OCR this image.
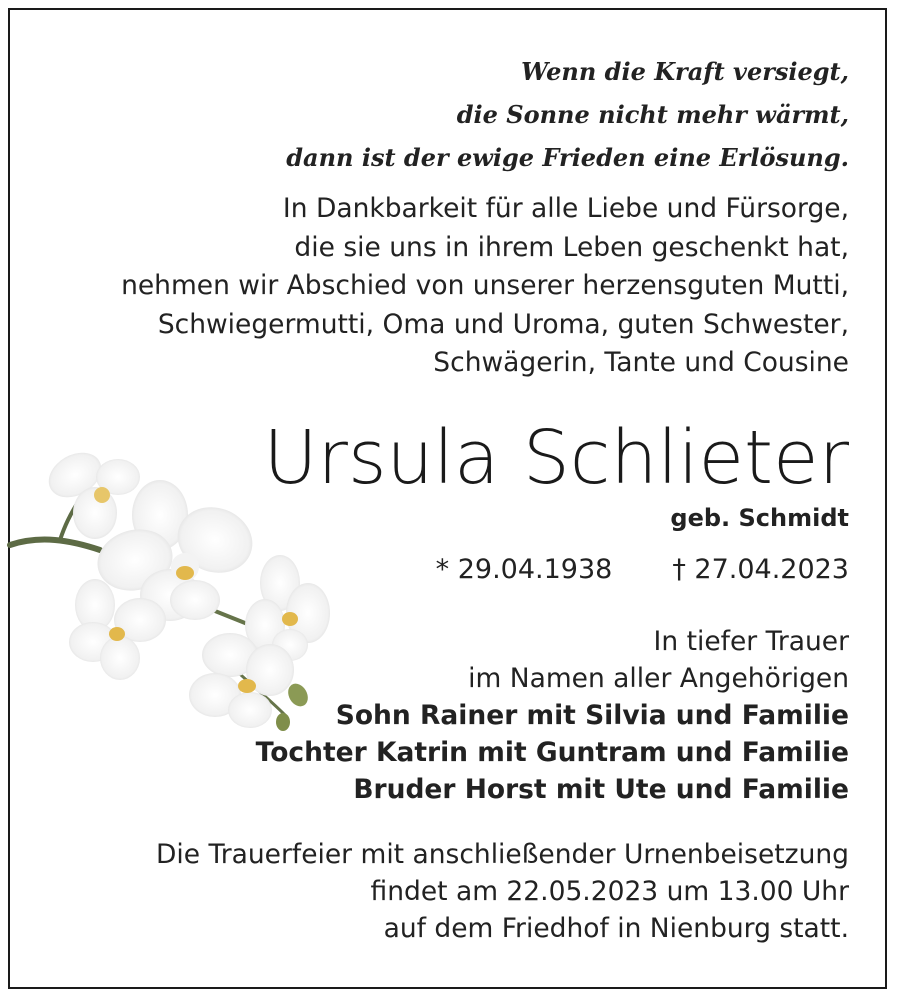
Wenn die Kraft versiegt,
die Sonne nicht mehr wärmt,
dann ist der ewige Frieden eine Erlösung.
In Dankbarkeit für alle Liebe und Fürsorge,
die sie uns in ihrem Leben geschenkt hat,
nehmen wir Abschied von unserer herzensguten Mutti,
Schwiegermutti, Oma und Uroma, guten Schwester,
Schwägerin, Tante und Cousine
Ursula Schlieter
geb. Schmidt
* 29.04.1938 † 27.04.2023
In tiefer Trauer
im Namen aller Angehörigen
Sohn Rainer mit Silvia und Familie
Tochter Katrin mit Guntram und Familie
Bruder Horst mit Ute und Familie
Die Trauerfeier mit anschließender Urnenbeisetzung
findet am 22.05.2023 um 13.00 Uhr
auf dem Friedhof in Nienburg statt.
